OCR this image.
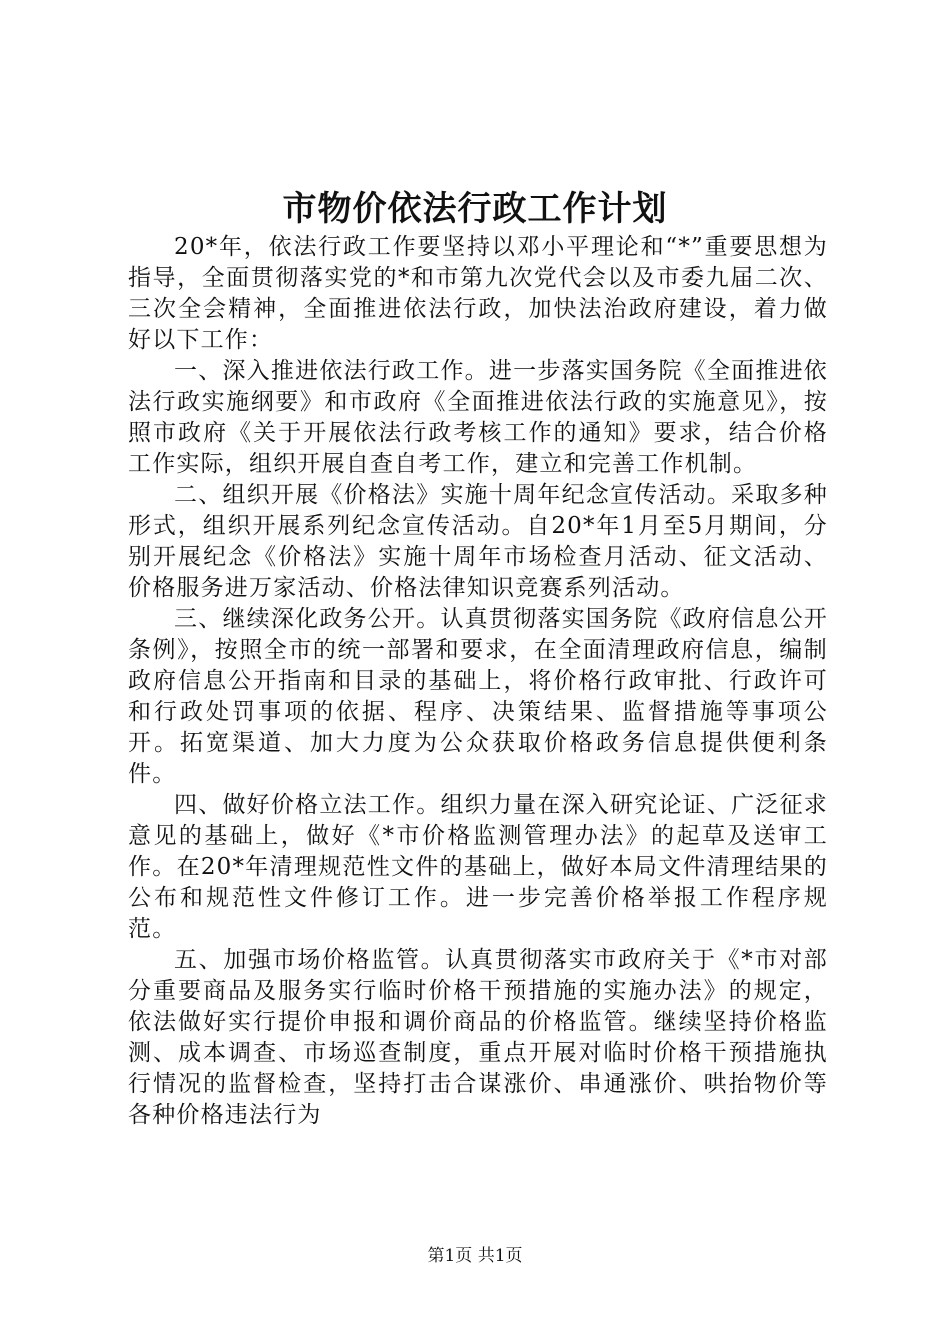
市物价依法行政工作计划

20*年，依法行政工作要坚持以邓小平理论和“*”重要思想为指导，全面贯彻落实党的*和市第九次党代会以及市委九届二次、三次全会精神，全面推进依法行政，加快法治政府建设，着力做好以下工作：

一、深入推进依法行政工作。进一步落实国务院《全面推进依法行政实施纲要》和市政府《全面推进依法行政的实施意见》，按照市政府《关于开展依法行政考核工作的通知》要求，结合价格工作实际，组织开展自查自考工作，建立和完善工作机制。

二、组织开展《价格法》实施十周年纪念宣传活动。采取多种形式，组织开展系列纪念宣传活动。自20*年1月至5月期间，分别开展纪念《价格法》实施十周年市场检查月活动、征文活动、价格服务进万家活动、价格法律知识竞赛系列活动。

三、继续深化政务公开。认真贯彻落实国务院《政府信息公开条例》，按照全市的统一部署和要求，在全面清理政府信息，编制政府信息公开指南和目录的基础上，将价格行政审批、行政许可和行政处罚事项的依据、程序、决策结果、监督措施等事项公开。拓宽渠道、加大力度为公众获取价格政务信息提供便利条件。

四、做好价格立法工作。组织力量在深入研究论证、广泛征求意见的基础上，做好《*市价格监测管理办法》的起草及送审工作。在20*年清理规范性文件的基础上，做好本局文件清理结果的公布和规范性文件修订工作。进一步完善价格举报工作程序规范。

五、加强市场价格监管。认真贯彻落实市政府关于《*市对部分重要商品及服务实行临时价格干预措施的实施办法》的规定，依法做好实行提价申报和调价商品的价格监管。继续坚持价格监测、成本调查、市场巡查制度，重点开展对临时价格干预措施执行情况的监督检查，坚持打击合谋涨价、串通涨价、哄抬物价等各种价格违法行为

第1页 共1页
